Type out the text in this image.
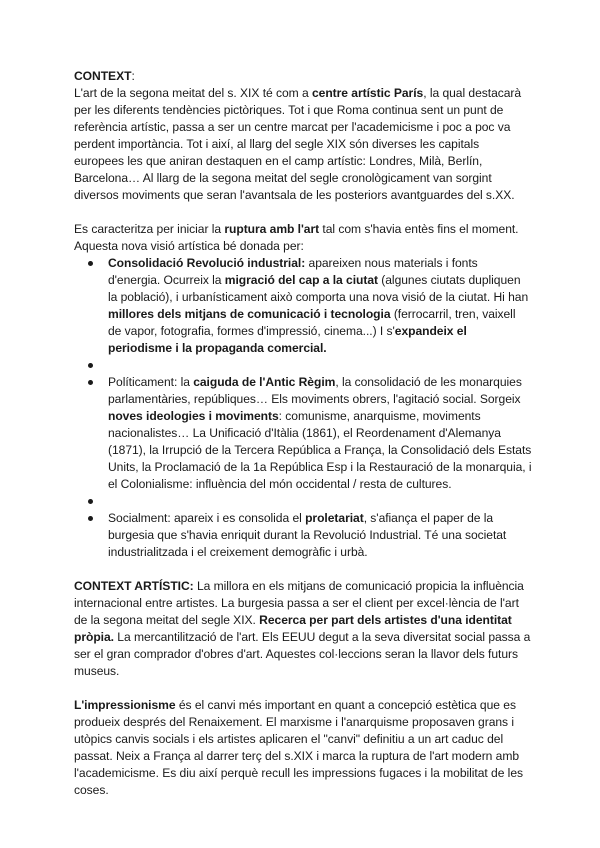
CONTEXT:

L'art de la segona meitat del s. XIX té com a centre artístic París, la qual destacarà per les diferents tendències pictòriques. Tot i que Roma continua sent un punt de referència artístic, passa a ser un centre marcat per l'academicisme i poc a poc va perdent importància. Tot i així, al llarg del segle XIX són diverses les capitals europees les que aniran destaquen en el camp artístic: Londres, Milà, Berlín, Barcelona… Al llarg de la segona meitat del segle cronològicament van sorgint diversos moviments que seran l'avantsala de les posteriors avantguardes del s.XX.

Es caracteritza per iniciar la ruptura amb l'art tal com s'havia entès fins el moment. Aquesta nova visió artística bé donada per:

Consolidació Revolució industrial: apareixen nous materials i fonts d'energia. Ocurreix la migració del cap a la ciutat (algunes ciutats dupliquen la població), i urbanísticament això comporta una nova visió de la ciutat. Hi han millores dels mitjans de comunicació i tecnologia (ferrocarril, tren, vaixell de vapor, fotografia, formes d'impressió, cinema...) I s'expandeix el periodisme i la propaganda comercial.
Políticament: la caiguda de l'Antic Règim, la consolidació de les monarquies parlamentàries, repúbliques… Els moviments obrers, l'agitació social. Sorgeix noves ideologies i moviments: comunisme, anarquisme, moviments nacionalistes… La Unificació d'Itàlia (1861), el Reordenament d'Alemanya (1871), la Irrupció de la Tercera República a França, la Consolidació dels Estats Units, la Proclamació de la 1a República Esp i la Restauració de la monarquia, i el Colonialisme: influència del món occidental / resta de cultures.
Socialment: apareix i es consolida el proletariat, s'afiança el paper de la burgesia que s'havia enriquit durant la Revolució Industrial. Té una societat industrialitzada i el creixement demogràfic i urbà.

CONTEXT ARTÍSTIC: La millora en els mitjans de comunicació propicia la influència internacional entre artistes. La burgesia passa a ser el client per excel·lència de l'art de la segona meitat del segle XIX. Recerca per part dels artistes d'una identitat pròpia. La mercantilització de l'art. Els EEUU degut a la seva diversitat social passa a ser el gran comprador d'obres d'art. Aquestes col·leccions seran la llavor dels futurs museus.

L'impressionisme és el canvi més important en quant a concepció estètica que es produeix després del Renaixement. El marxisme i l'anarquisme proposaven grans i utòpics canvis socials i els artistes aplicaren el "canvi" definitiu a un art caduc del passat. Neix a França al darrer terç del s.XIX i marca la ruptura de l'art modern amb l'academicisme. Es diu així perquè recull les impressions fugaces i la mobilitat de les coses.
